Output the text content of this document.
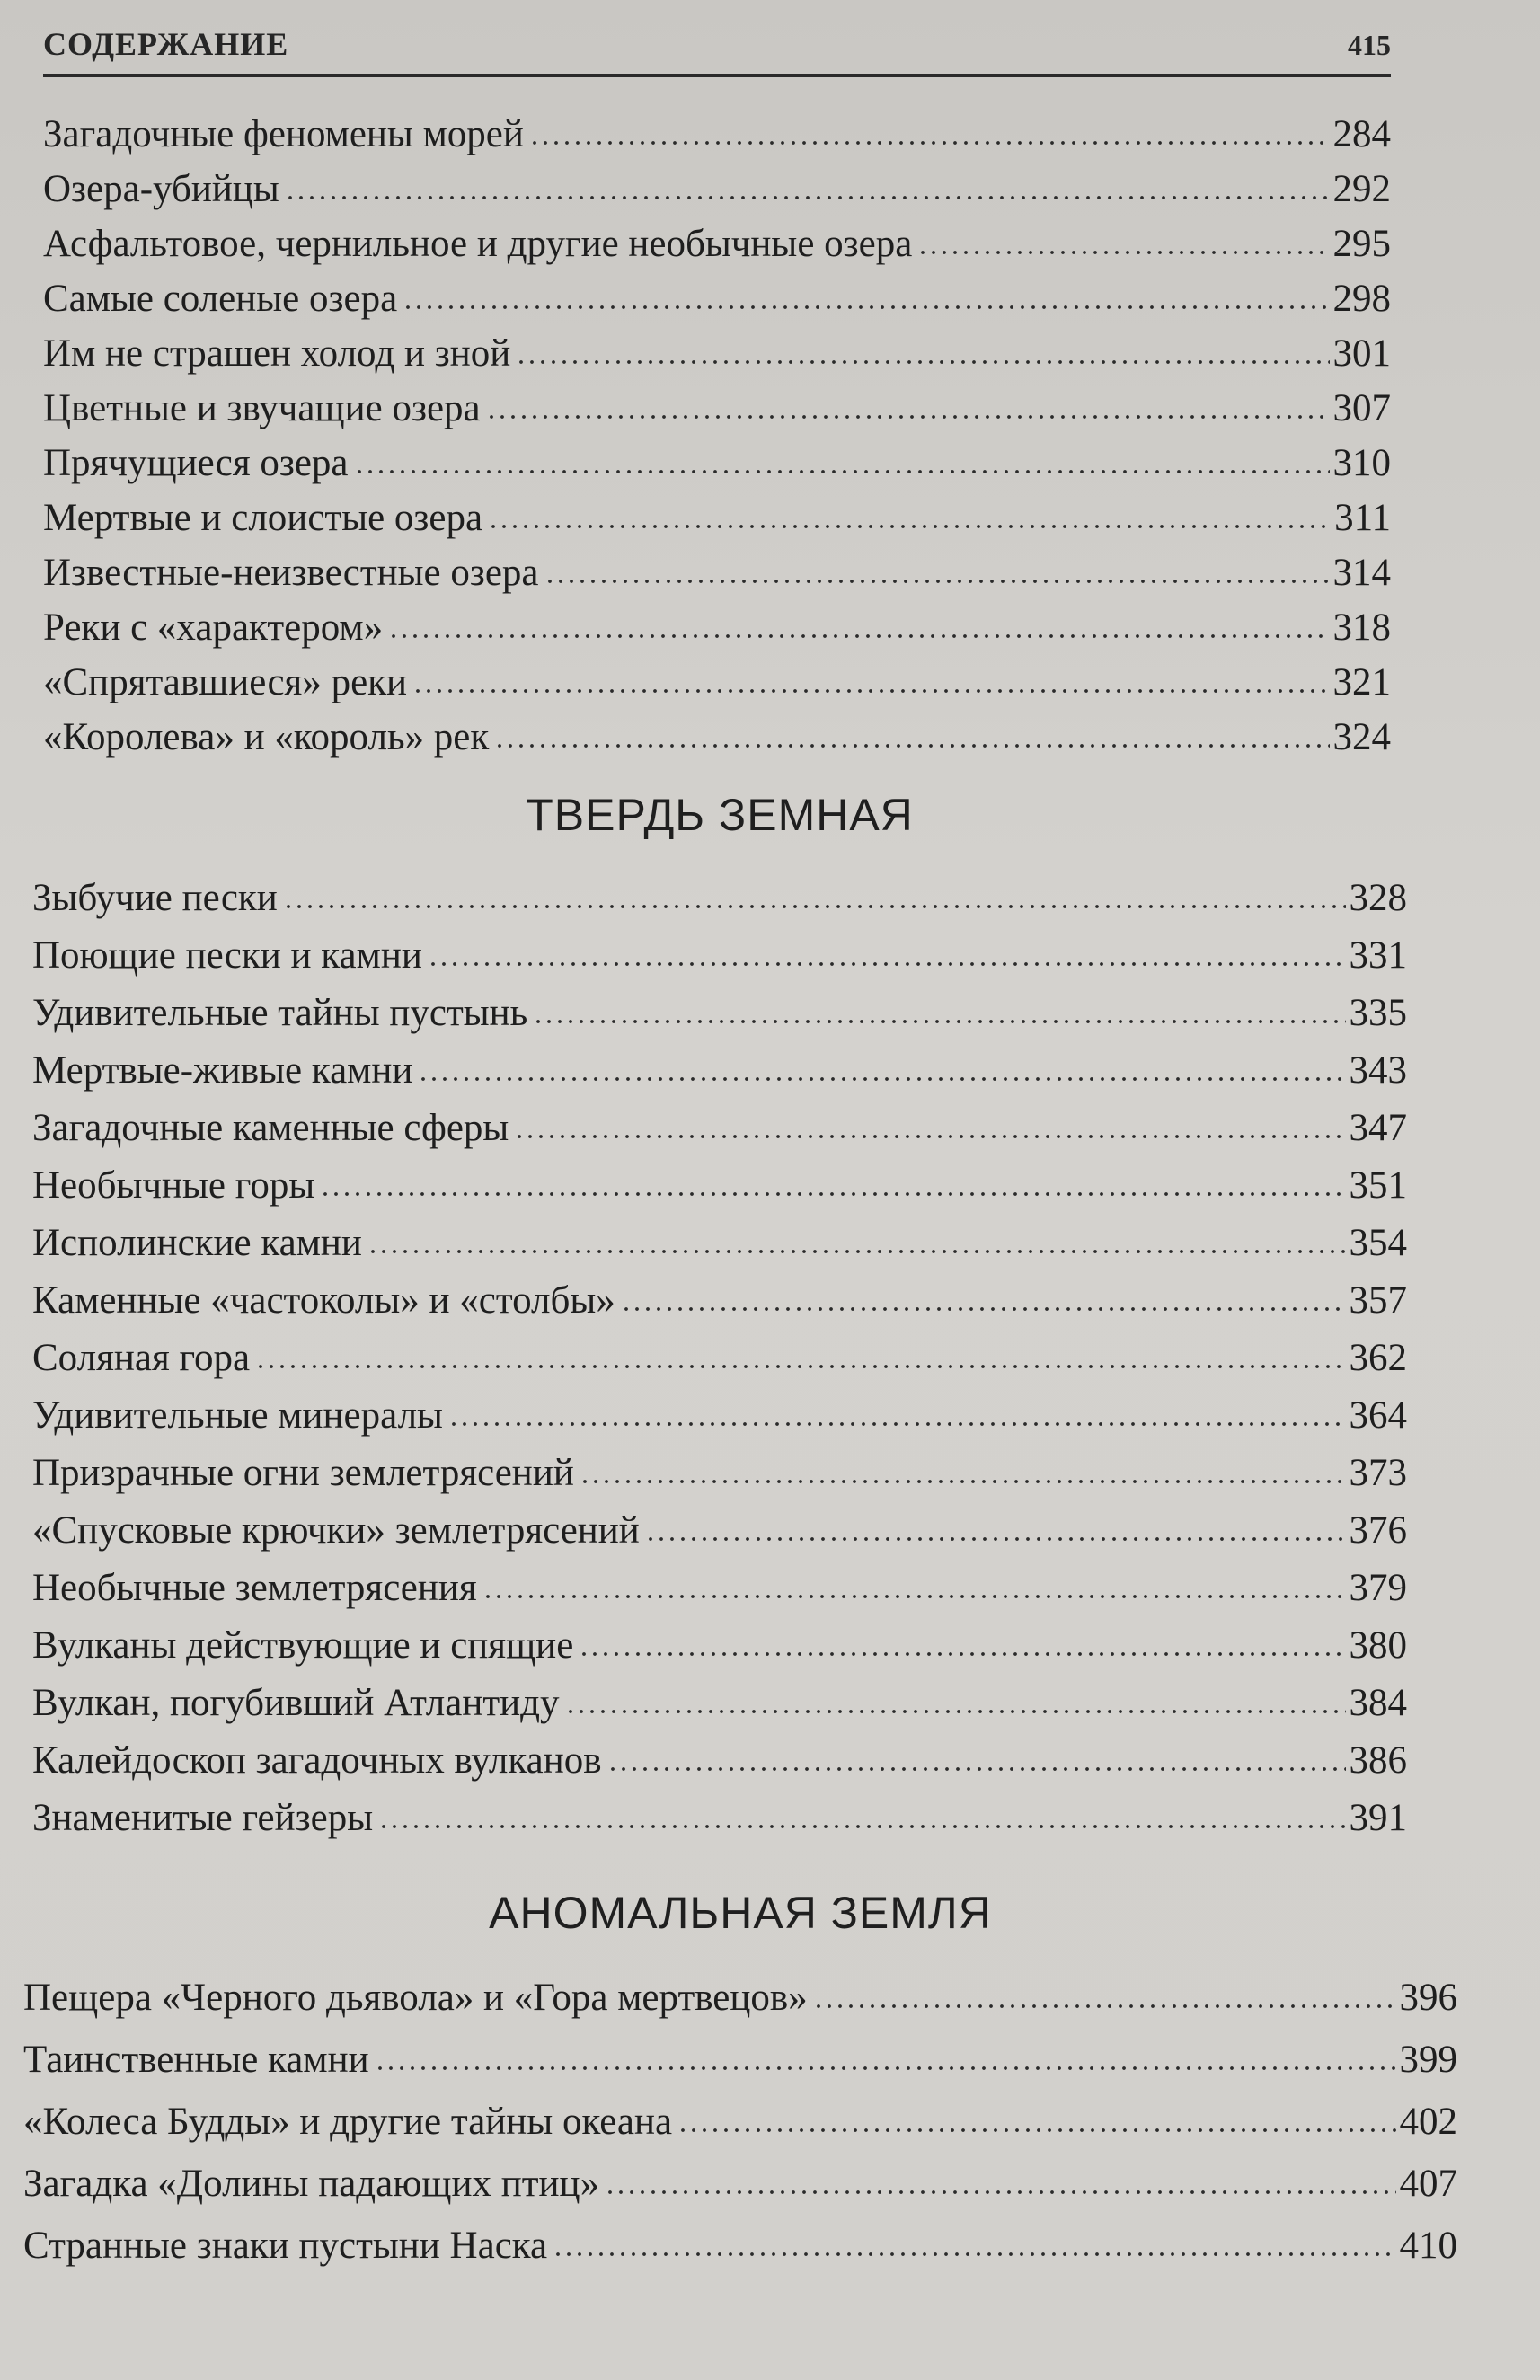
СОДЕРЖАНИЕ	415
Загадочные феномены морей	284
Озера-убийцы	292
Асфальтовое, чернильное и другие необычные озера	295
Самые соленые озера	298
Им не страшен холод и зной	301
Цветные и звучащие озера	307
Прячущиеся озера	310
Мертвые и слоистые озера	311
Известные-неизвестные озера	314
Реки с «характером»	318
«Спрятавшиеся» реки	321
«Королева» и «король» рек	324
ТВЕРДЬ ЗЕМНАЯ
Зыбучие пески	328
Поющие пески и камни	331
Удивительные тайны пустынь	335
Мертвые-живые камни	343
Загадочные каменные сферы	347
Необычные горы	351
Исполинские камни	354
Каменные «частоколы» и «столбы»	357
Соляная гора	362
Удивительные минералы	364
Призрачные огни землетрясений	373
«Спусковые крючки» землетрясений	376
Необычные землетрясения	379
Вулканы действующие и спящие	380
Вулкан, погубивший Атлантиду	384
Калейдоскоп загадочных вулканов	386
Знаменитые гейзеры	391
АНОМАЛЬНАЯ ЗЕМЛЯ
Пещера «Черного дьявола» и «Гора мертвецов»	396
Таинственные камни	399
«Колеса Будды» и другие тайны океана	402
Загадка «Долины падающих птиц»	407
Странные знаки пустыни Наска	410
